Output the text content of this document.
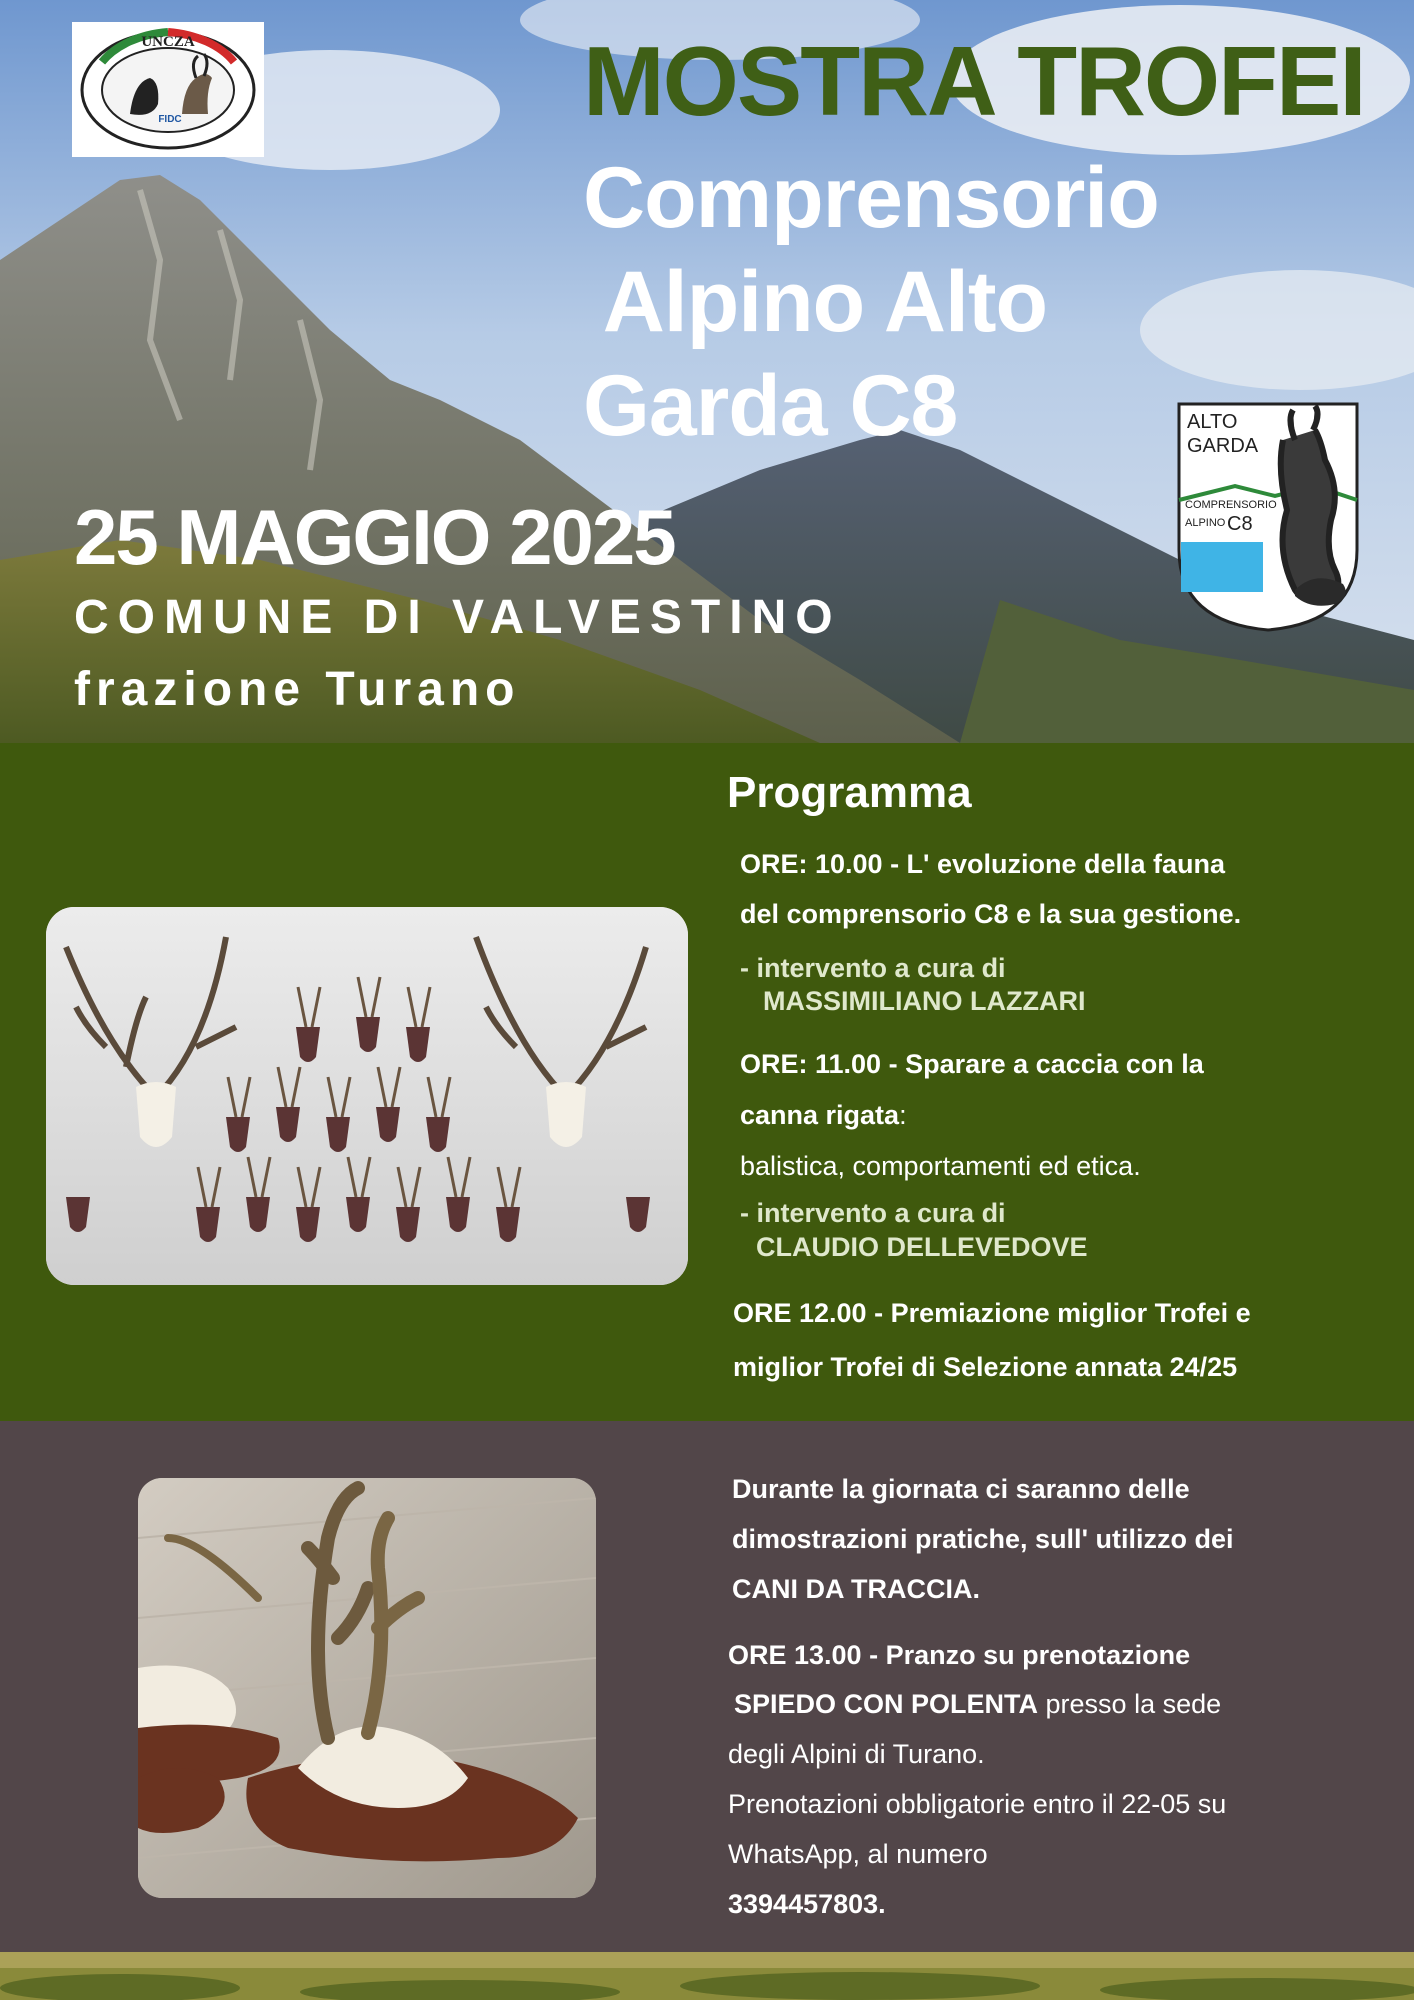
UNCZA
FIDC	MOSTRA TROFEI
Comprensorio
Alpino Alto
Garda C8
25 MAGGIO 2025
COMUNE DI VALVESTINO
frazione Turano
ALTO
GARDA
COMPRENSORIO
ALPINO C8
Programma
ORE: 10.00 - L' evoluzione della fauna
del comprensorio C8 e la sua gestione.
- intervento a cura di
MASSIMILIANO LAZZARI
ORE: 11.00 - Sparare a caccia con la
canna rigata:
balistica, comportamenti ed etica.
- intervento a cura di
CLAUDIO DELLEVEDOVE
ORE 12.00 - Premiazione miglior Trofei e
miglior Trofei di Selezione annata 24/25
Durante la giornata ci saranno delle
dimostrazioni pratiche, sull' utilizzo dei
CANI DA TRACCIA.
ORE 13.00 - Pranzo su prenotazione
SPIEDO CON POLENTA presso la sede
degli Alpini di Turano.
Prenotazioni obbligatorie entro il 22-05 su
WhatsApp, al numero
3394457803.
